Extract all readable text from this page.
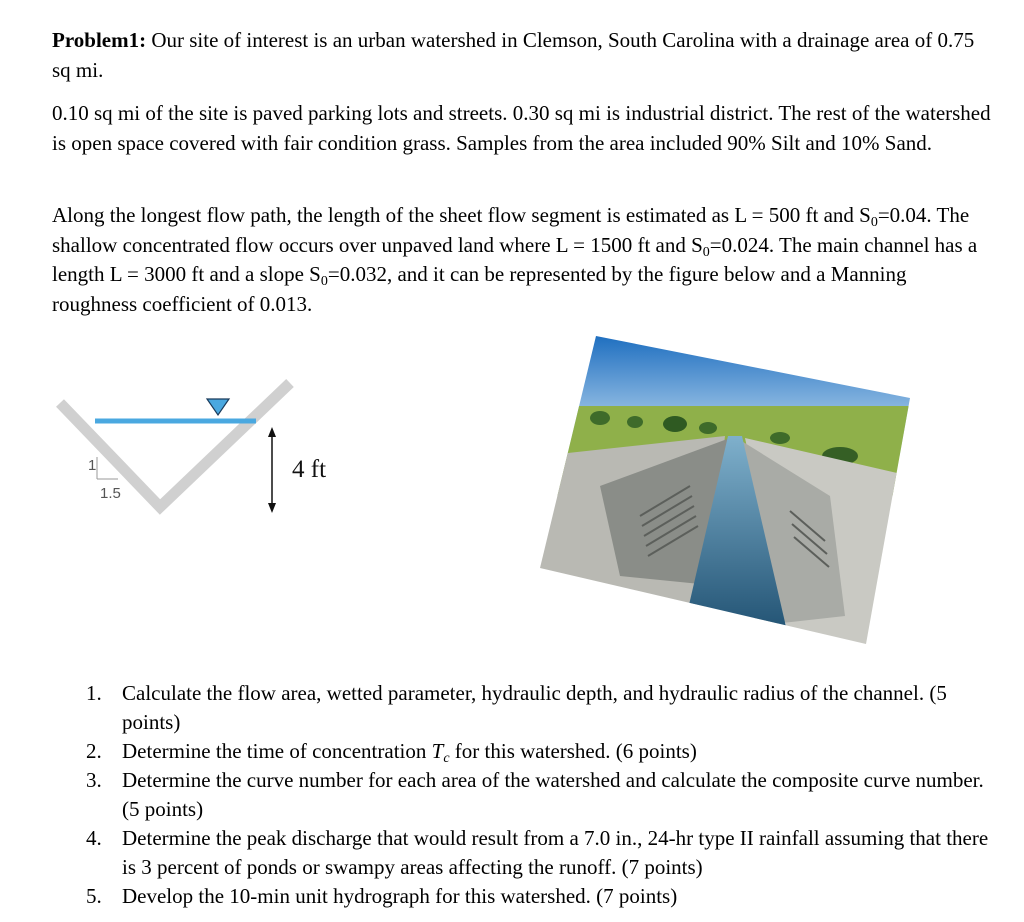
Problem1: Our site of interest is an urban watershed in Clemson, South Carolina with a drainage area of 0.75 sq mi.
0.10 sq mi of the site is paved parking lots and streets. 0.30 sq mi is industrial district. The rest of the watershed is open space covered with fair condition grass. Samples from the area included 90% Silt and 10% Sand.
Along the longest flow path, the length of the sheet flow segment is estimated as L = 500 ft and $S_0=0.04$. The shallow concentrated flow occurs over unpaved land where L = 1500 ft and $S_0=0.024$. The main channel has a length L = 3000 ft and a slope $S_0=0.032$, and it can be represented by the figure below and a Manning roughness coefficient of 0.013.
1
1.5
4 ft
1. Calculate the flow area, wetted parameter, hydraulic depth, and hydraulic radius of the channel. (5 points)
2. Determine the time of concentration $T_c$ for this watershed. (6 points)
3. Determine the curve number for each area of the watershed and calculate the composite curve number. (5 points)
4. Determine the peak discharge that would result from a 7.0 in., 24-hr type II rainfall assuming that there is 3 percent of ponds or swampy areas affecting the runoff. (7 points)
5. Develop the 10-min unit hydrograph for this watershed. (7 points)
